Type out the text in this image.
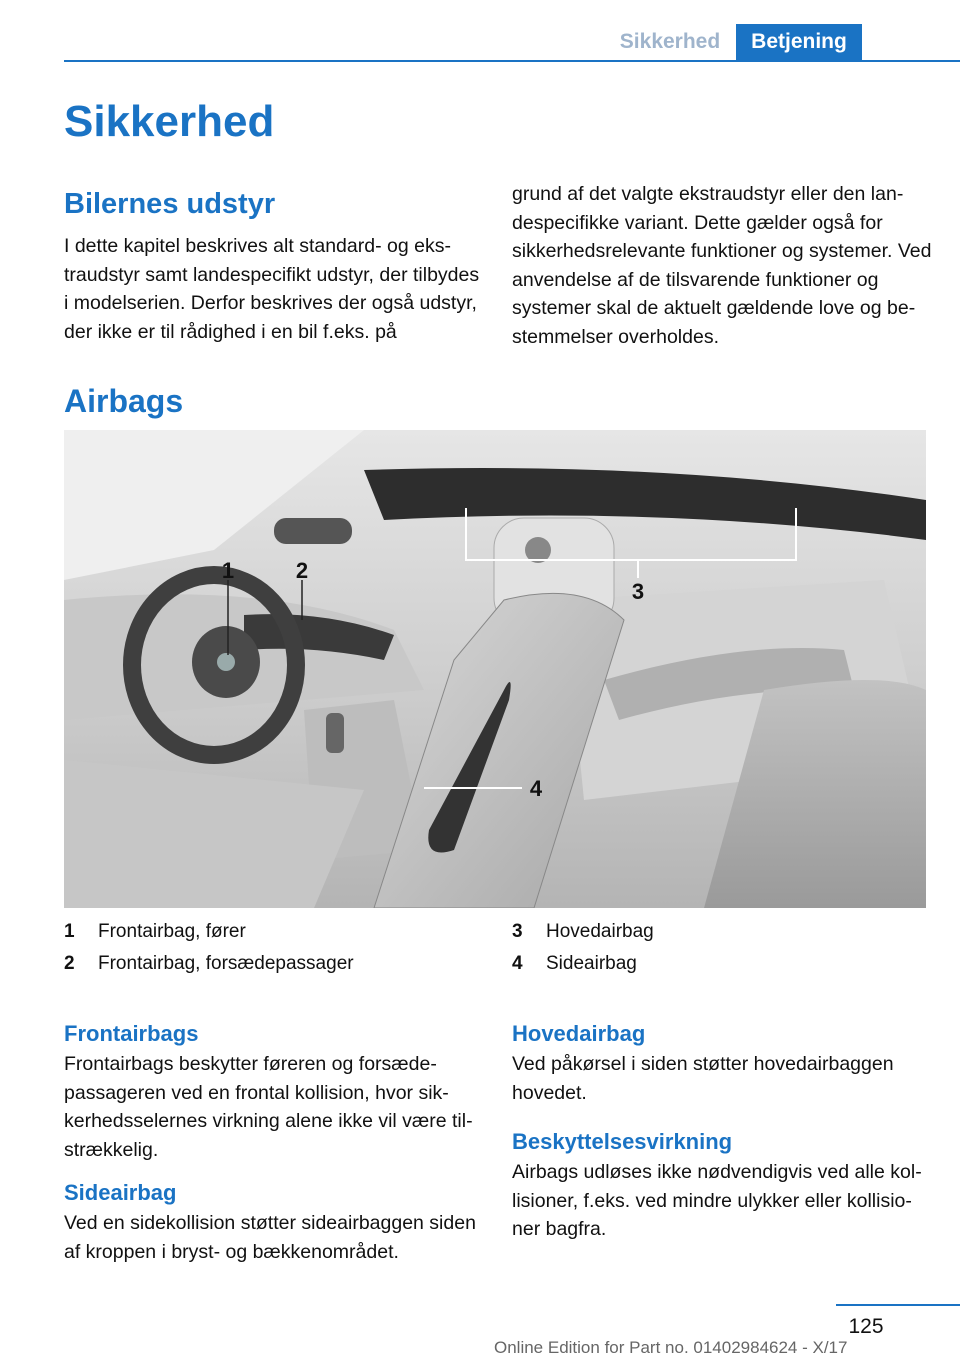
Sikkerhed	Betjening
Sikkerhed
Bilernes udstyr

I dette kapitel beskrives alt standard- og ekstraudstyr samt landespecifikt udstyr, der tilbydes i modelserien. Derfor beskrives der også udstyr, der ikke er til rådighed i en bil f.eks. på

grund af det valgte ekstraudstyr eller den landespecifikke variant. Dette gælder også for sikkerhedsrelevante funktioner og systemer. Ved anvendelse af de tilsvarende funktioner og systemer skal de aktuelt gældende love og bestemmelser overholdes.

Airbags
1	2
3
4
1 Frontairbag, fører
2 Frontairbag, forsædepassager
3 Hovedairbag
4 Sideairbag
Frontairbags

Frontairbags beskytter føreren og forsædepassageren ved en frontal kollision, hvor sikkerhedsselernes virkning alene ikke vil være tilstrækkelig.

Sideairbag

Ved en sidekollision støtter sideairbaggen siden af kroppen i bryst- og bækkenområdet.

Hovedairbag

Ved påkørsel i siden støtter hovedairbaggen hovedet.

Beskyttelsesvirkning

Airbags udløses ikke nødvendigvis ved alle kollisioner, f.eks. ved mindre ulykker eller kollisioner bagfra.

125
Online Edition for Part no. 01402984624 - X/17
